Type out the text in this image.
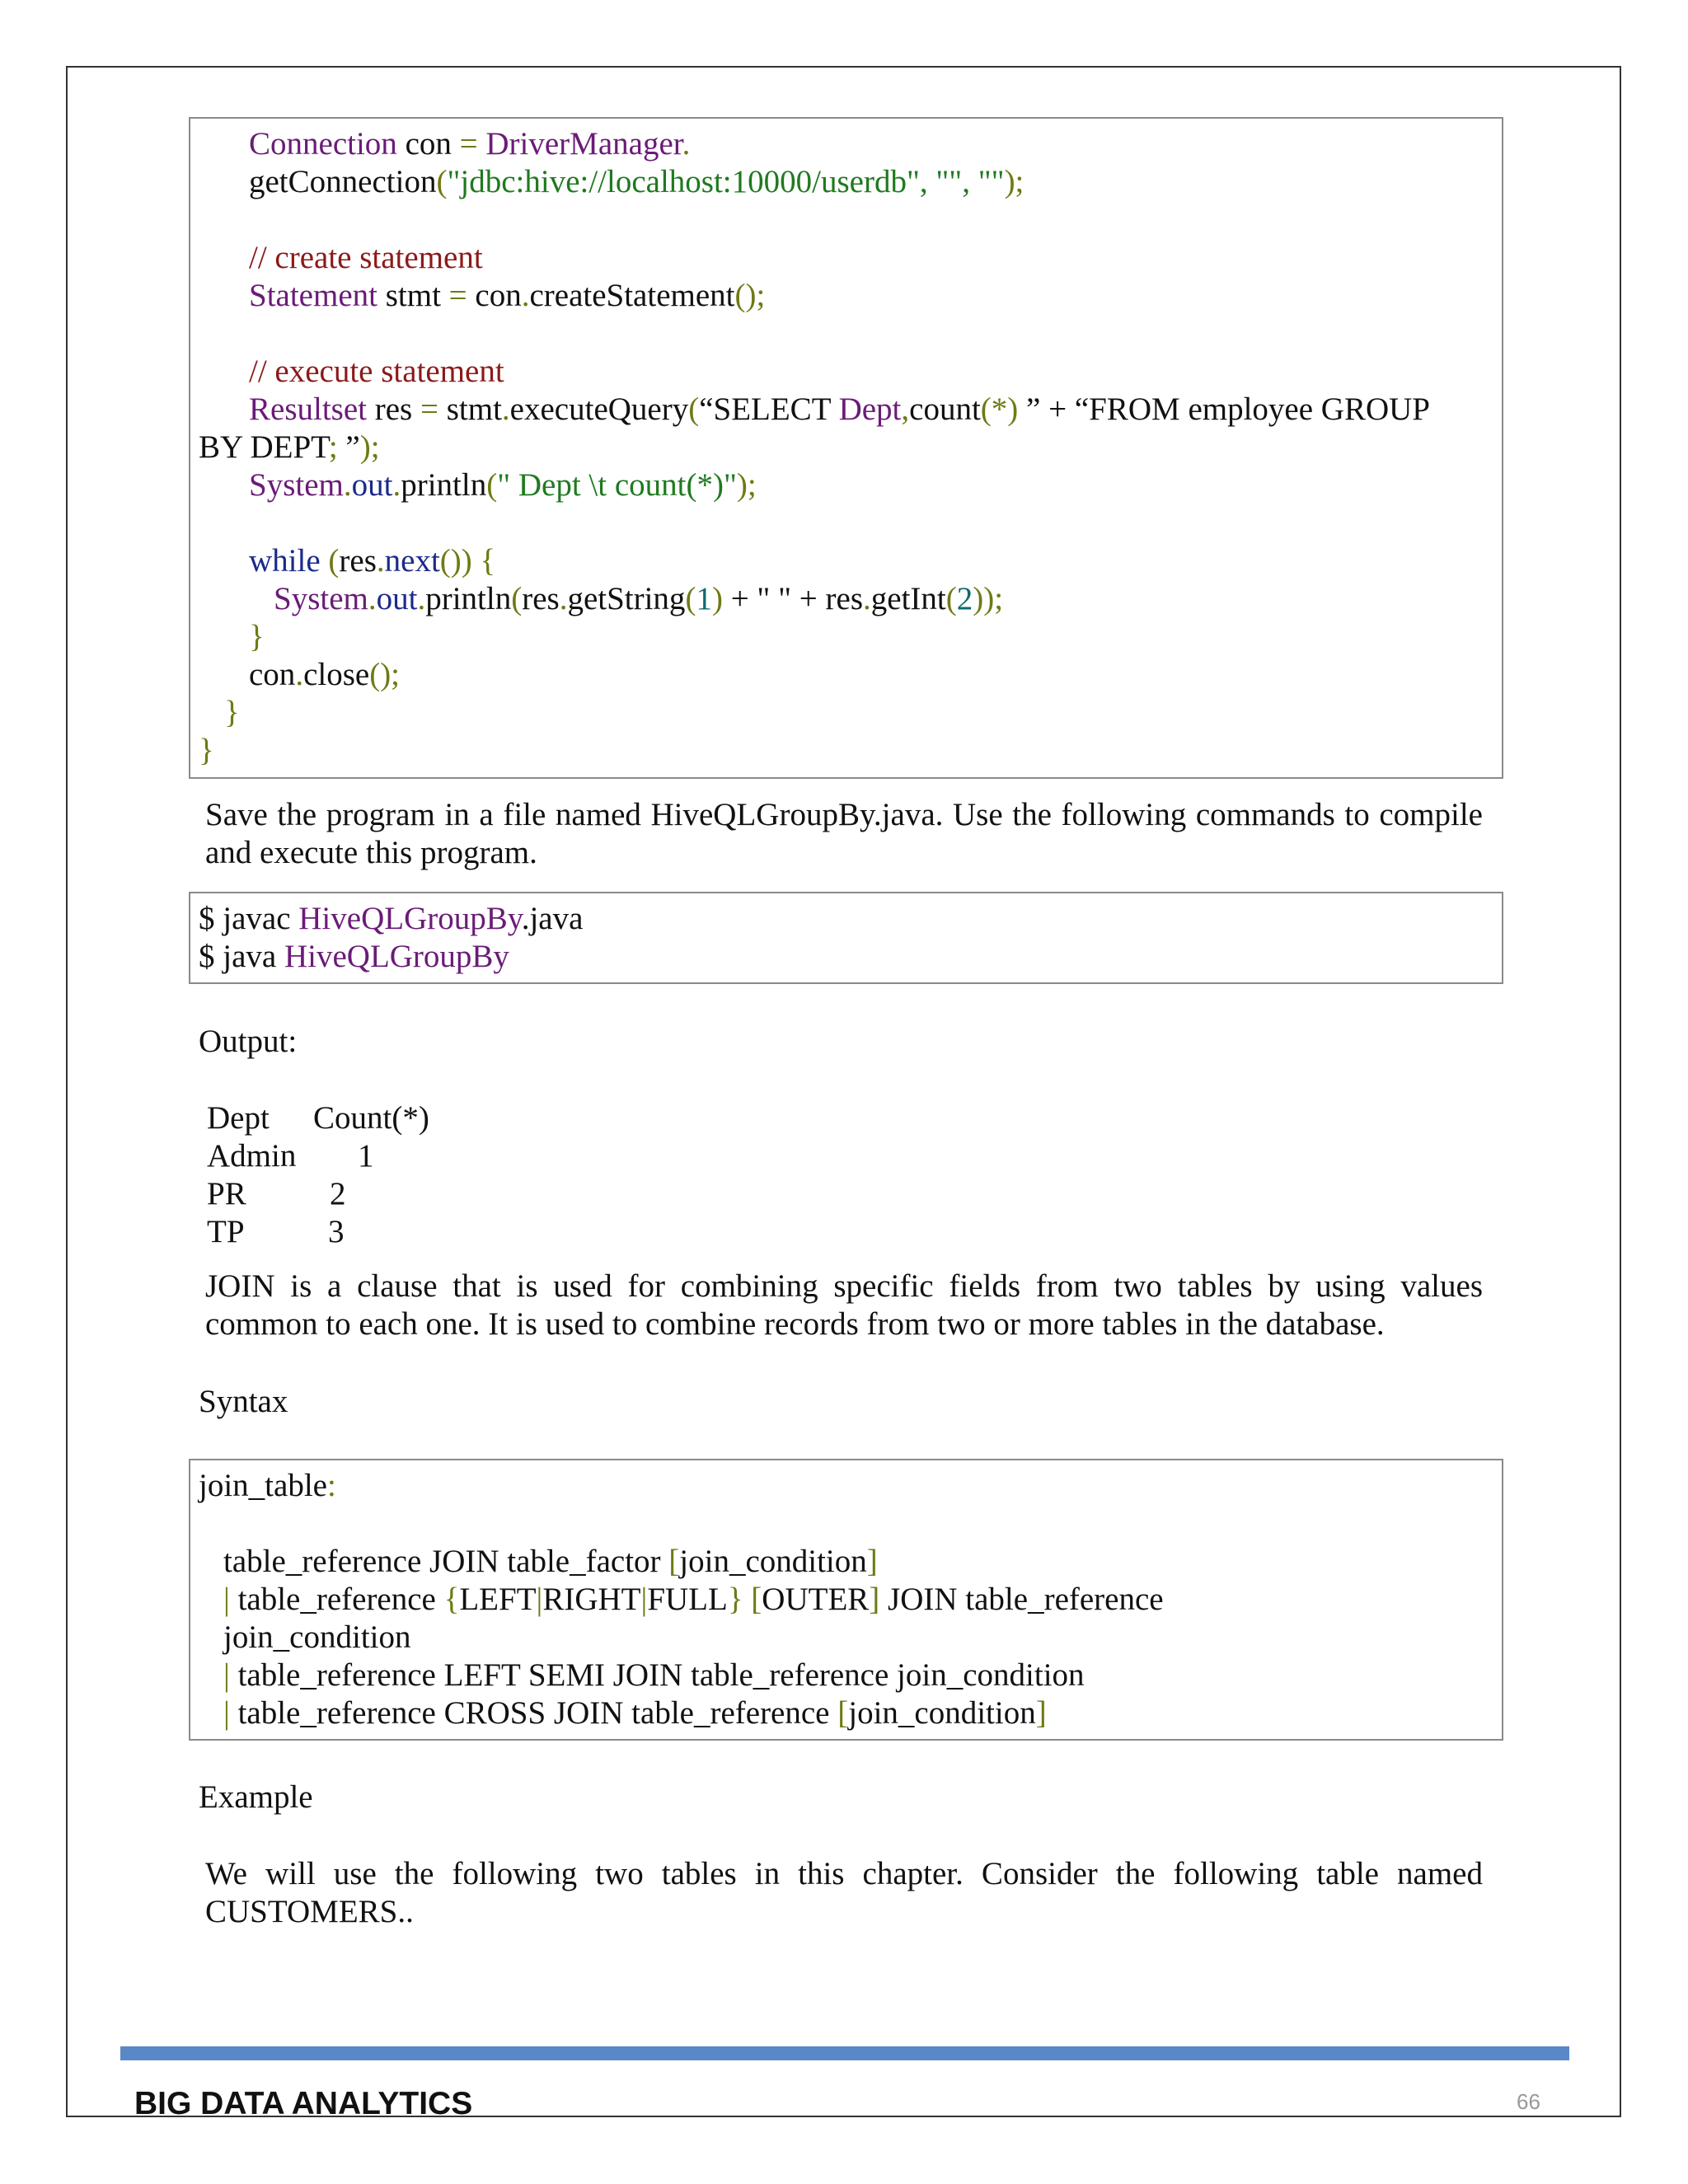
Connection con = DriverManager.
getConnection("jdbc:hive://localhost:10000/userdb", "", "");
// create statement
Statement stmt = con.createStatement();
// execute statement
Resultset res = stmt.executeQuery(“SELECT Dept,count(*) ” + “FROM employee GROUP
BY DEPT; ”);
System.out.println(" Dept \t count(*)");
while (res.next()) {
System.out.println(res.getString(1) + " " + res.getInt(2));
}
con.close();
}
}
Save the program in a file named HiveQLGroupBy.java. Use the following commands to compile and execute this program.
$ javac HiveQLGroupBy.java
$ java HiveQLGroupBy
Output:
Dept Count(*)
Admin 1
PR	2
TP	3
JOIN is a clause that is used for combining specific fields from two tables by using values common to each one. It is used to combine records from two or more tables in the database.
Syntax
join_table:
table_reference JOIN table_factor [join_condition]
| table_reference {LEFT|RIGHT|FULL} [OUTER] JOIN table_reference
join_condition
| table_reference LEFT SEMI JOIN table_reference join_condition
| table_reference CROSS JOIN table_reference [join_condition]
Example
We will use the following two tables in this chapter. Consider the following table named CUSTOMERS..
BIG DATA ANALYTICS	66
